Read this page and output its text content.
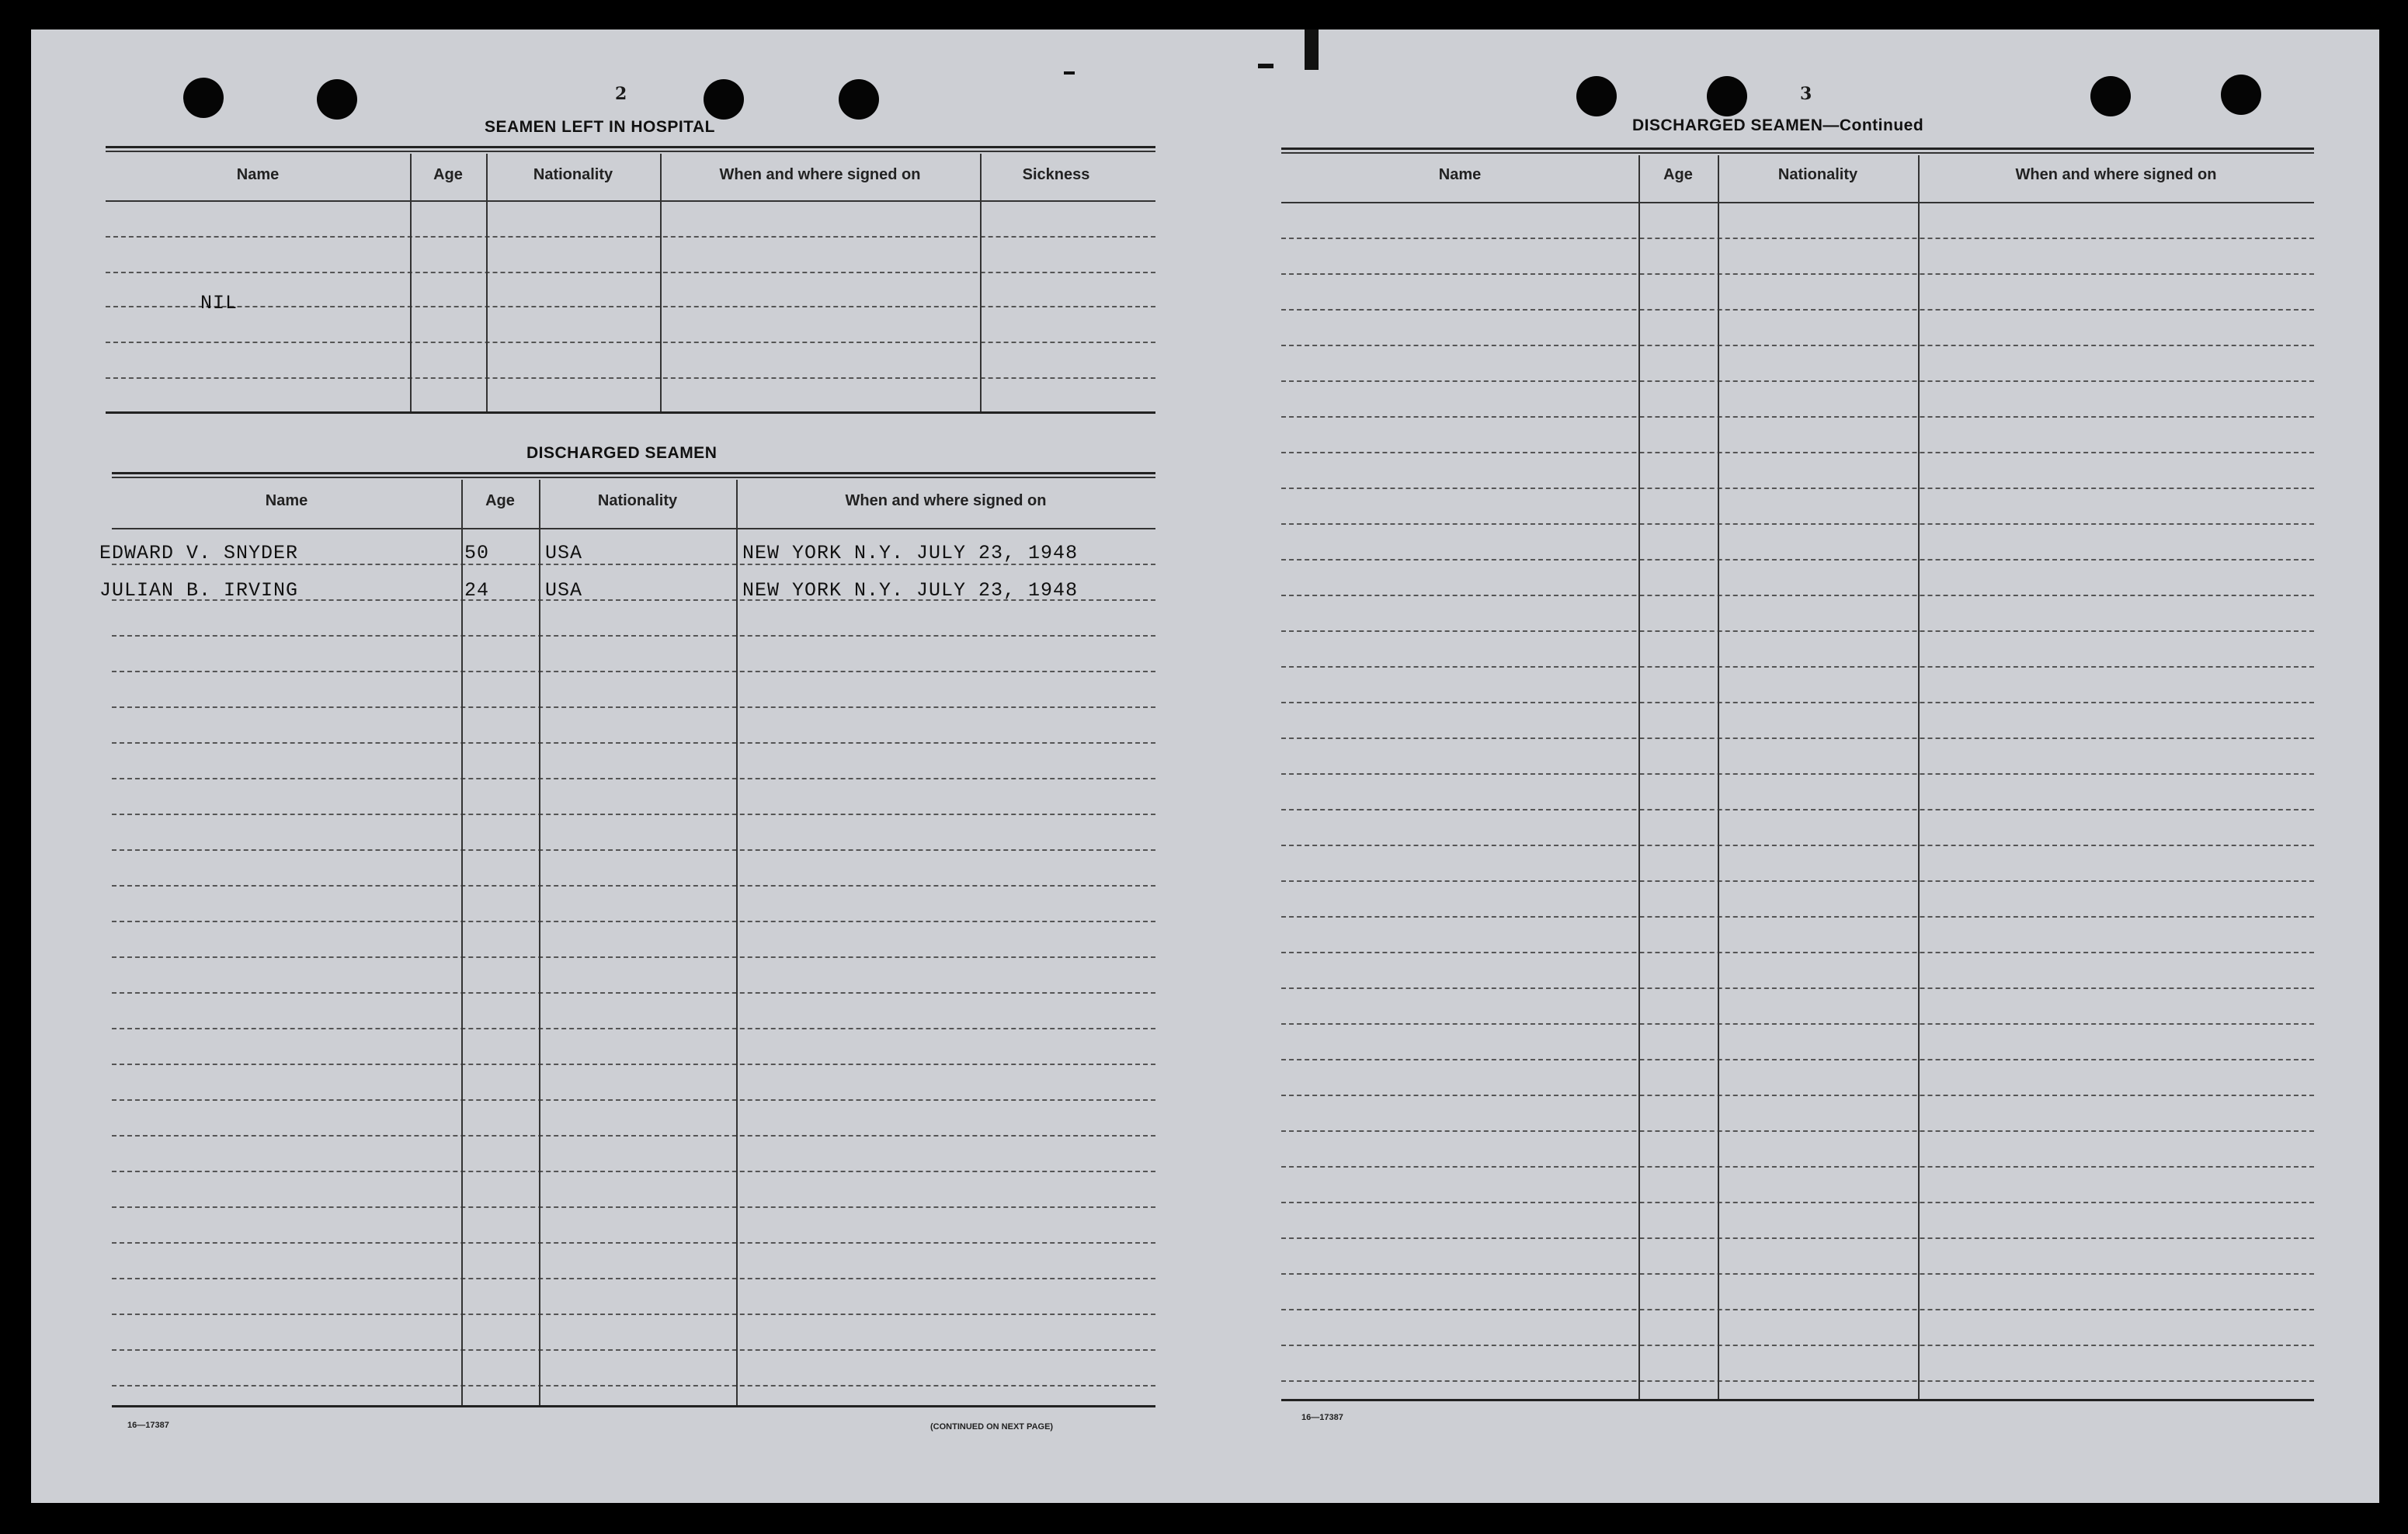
2
SEAMEN LEFT IN HOSPITAL
Name	Age	Nationality	When and where signed on	Sickness
NIL
DISCHARGED SEAMEN
Name	Age	Nationality	When and where signed on
EDWARD V. SNYDER	50	USA	NEW YORK N.Y. JULY 23, 1948
JULIAN B. IRVING	24	USA	NEW YORK N.Y. JULY 23, 1948
16—17387	(CONTINUED ON NEXT PAGE)
3
DISCHARGED SEAMEN—Continued
Name	Age	Nationality	When and where signed on
16—17387
